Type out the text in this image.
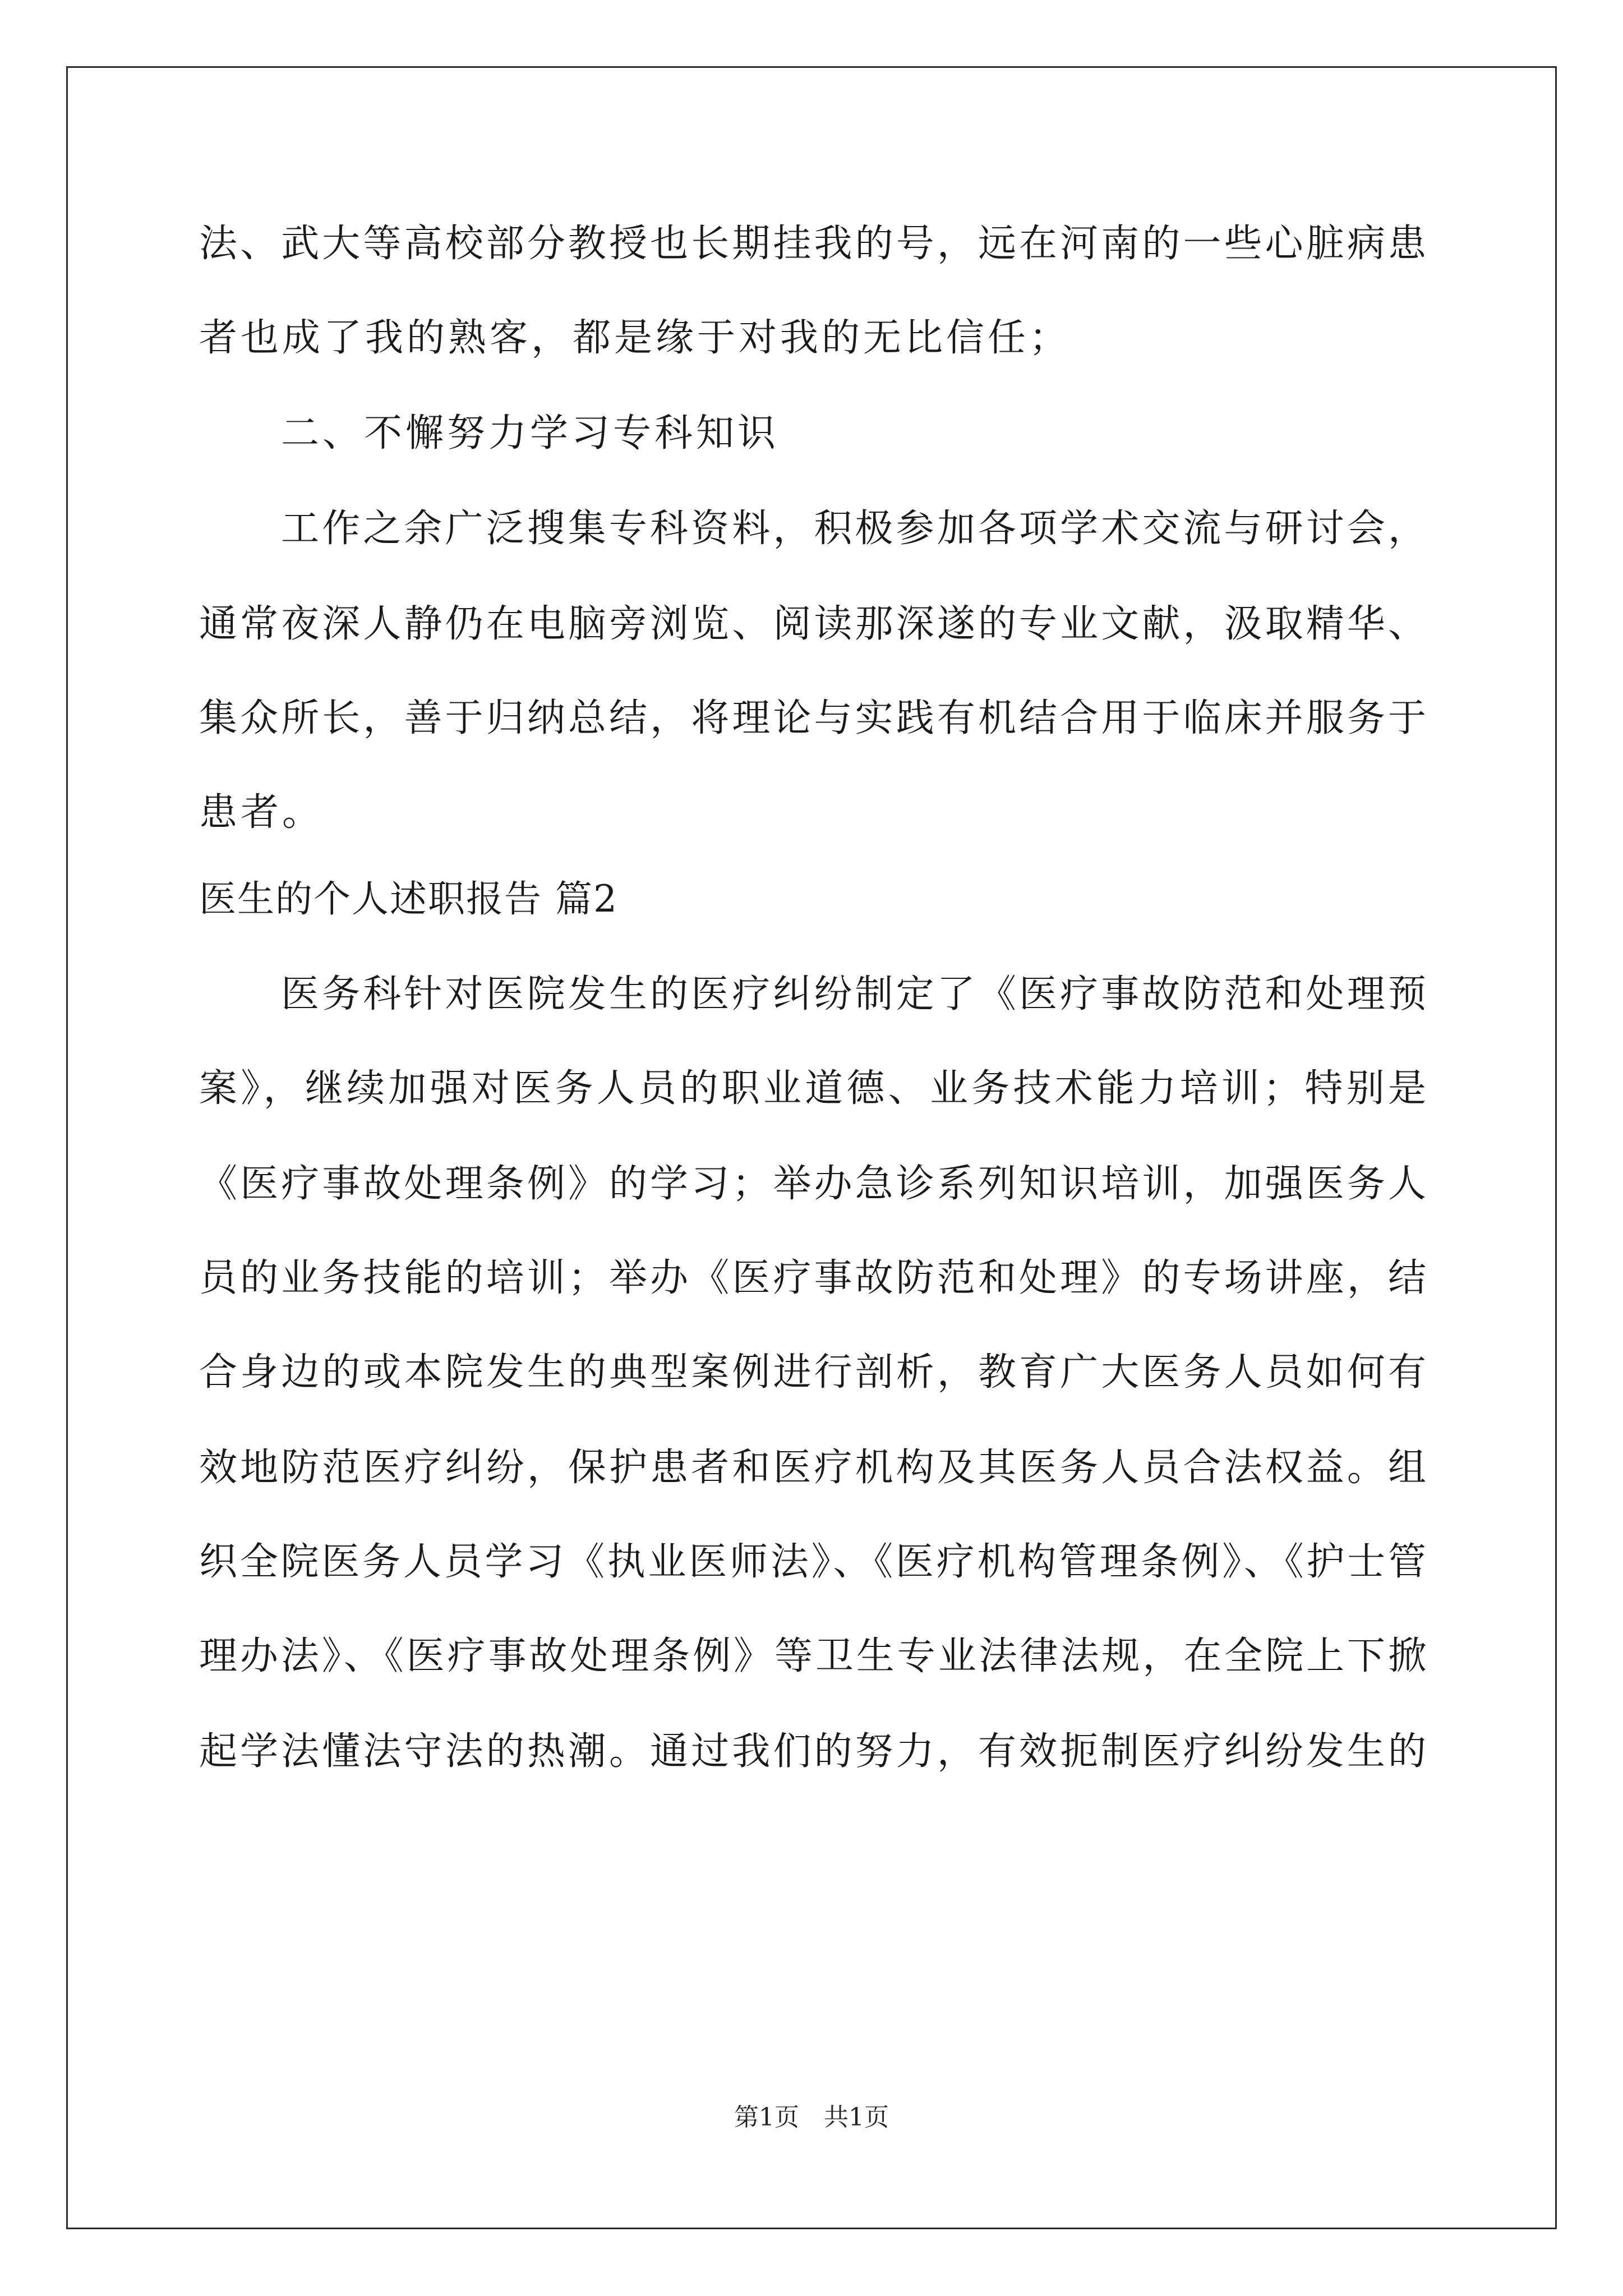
法、武大等高校部分教授也长期挂我的号，远在河南的一些心脏病患
者也成了我的熟客，都是缘于对我的无比信任；
二、不懈努力学习专科知识
工作之余广泛搜集专科资料，积极参加各项学术交流与研讨会，
通常夜深人静仍在电脑旁浏览、阅读那深遂的专业文献，汲取精华、
集众所长，善于归纳总结，将理论与实践有机结合用于临床并服务于
患者。
医生的个人述职报告 篇2
医务科针对医院发生的医疗纠纷制定了《医疗事故防范和处理预
案》，继续加强对医务人员的职业道德、业务技术能力培训；特别是
《医疗事故处理条例》的学习；举办急诊系列知识培训，加强医务人
员的业务技能的培训；举办《医疗事故防范和处理》的专场讲座，结
合身边的或本院发生的典型案例进行剖析，教育广大医务人员如何有
效地防范医疗纠纷，保护患者和医疗机构及其医务人员合法权益。组
织全院医务人员学习《执业医师法》、《医疗机构管理条例》、《护士管
理办法》、《医疗事故处理条例》等卫生专业法律法规，在全院上下掀
起学法懂法守法的热潮。通过我们的努力，有效扼制医疗纠纷发生的
第1页　共1页
